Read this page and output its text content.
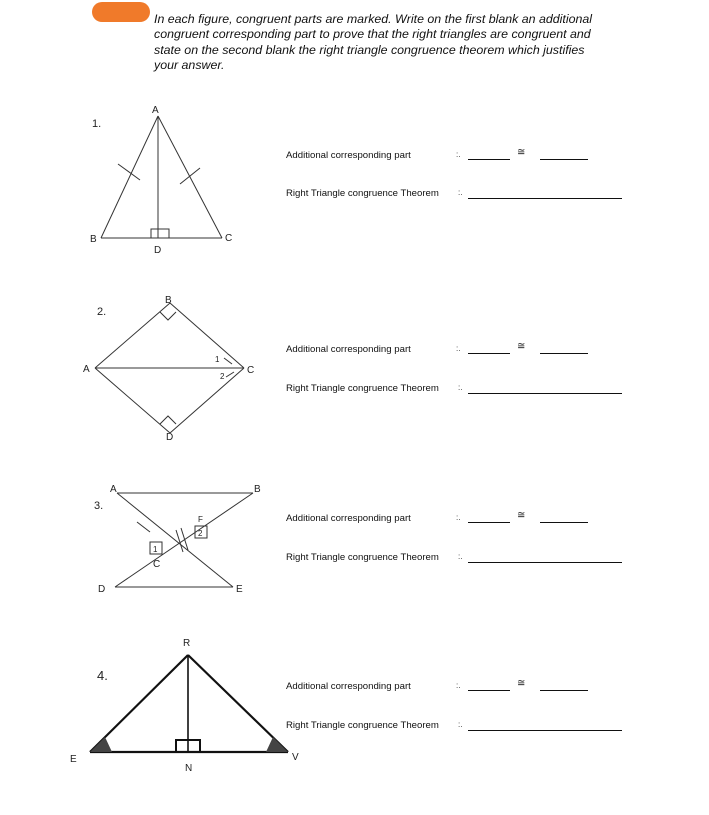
In each figure, congruent parts are marked. Write on the first blank an additional
congruent corresponding part to prove that the right triangles are congruent and
state on the second blank the right triangle congruence theorem which justifies
your answer.
1.
2.
3.
4.
A
B	C
D
B
A	C
D
1
2
A	B
C
D	E
F
1
2
R
E
N
V
Additional corresponding part	:.	≅
Right Triangle congruence Theorem :.
Additional corresponding part	:.	≅
Right Triangle congruence Theorem :.
Additional corresponding part	:.	≅
Right Triangle congruence Theorem :.
Additional corresponding part	:.	≅
Right Triangle congruence Theorem :.
